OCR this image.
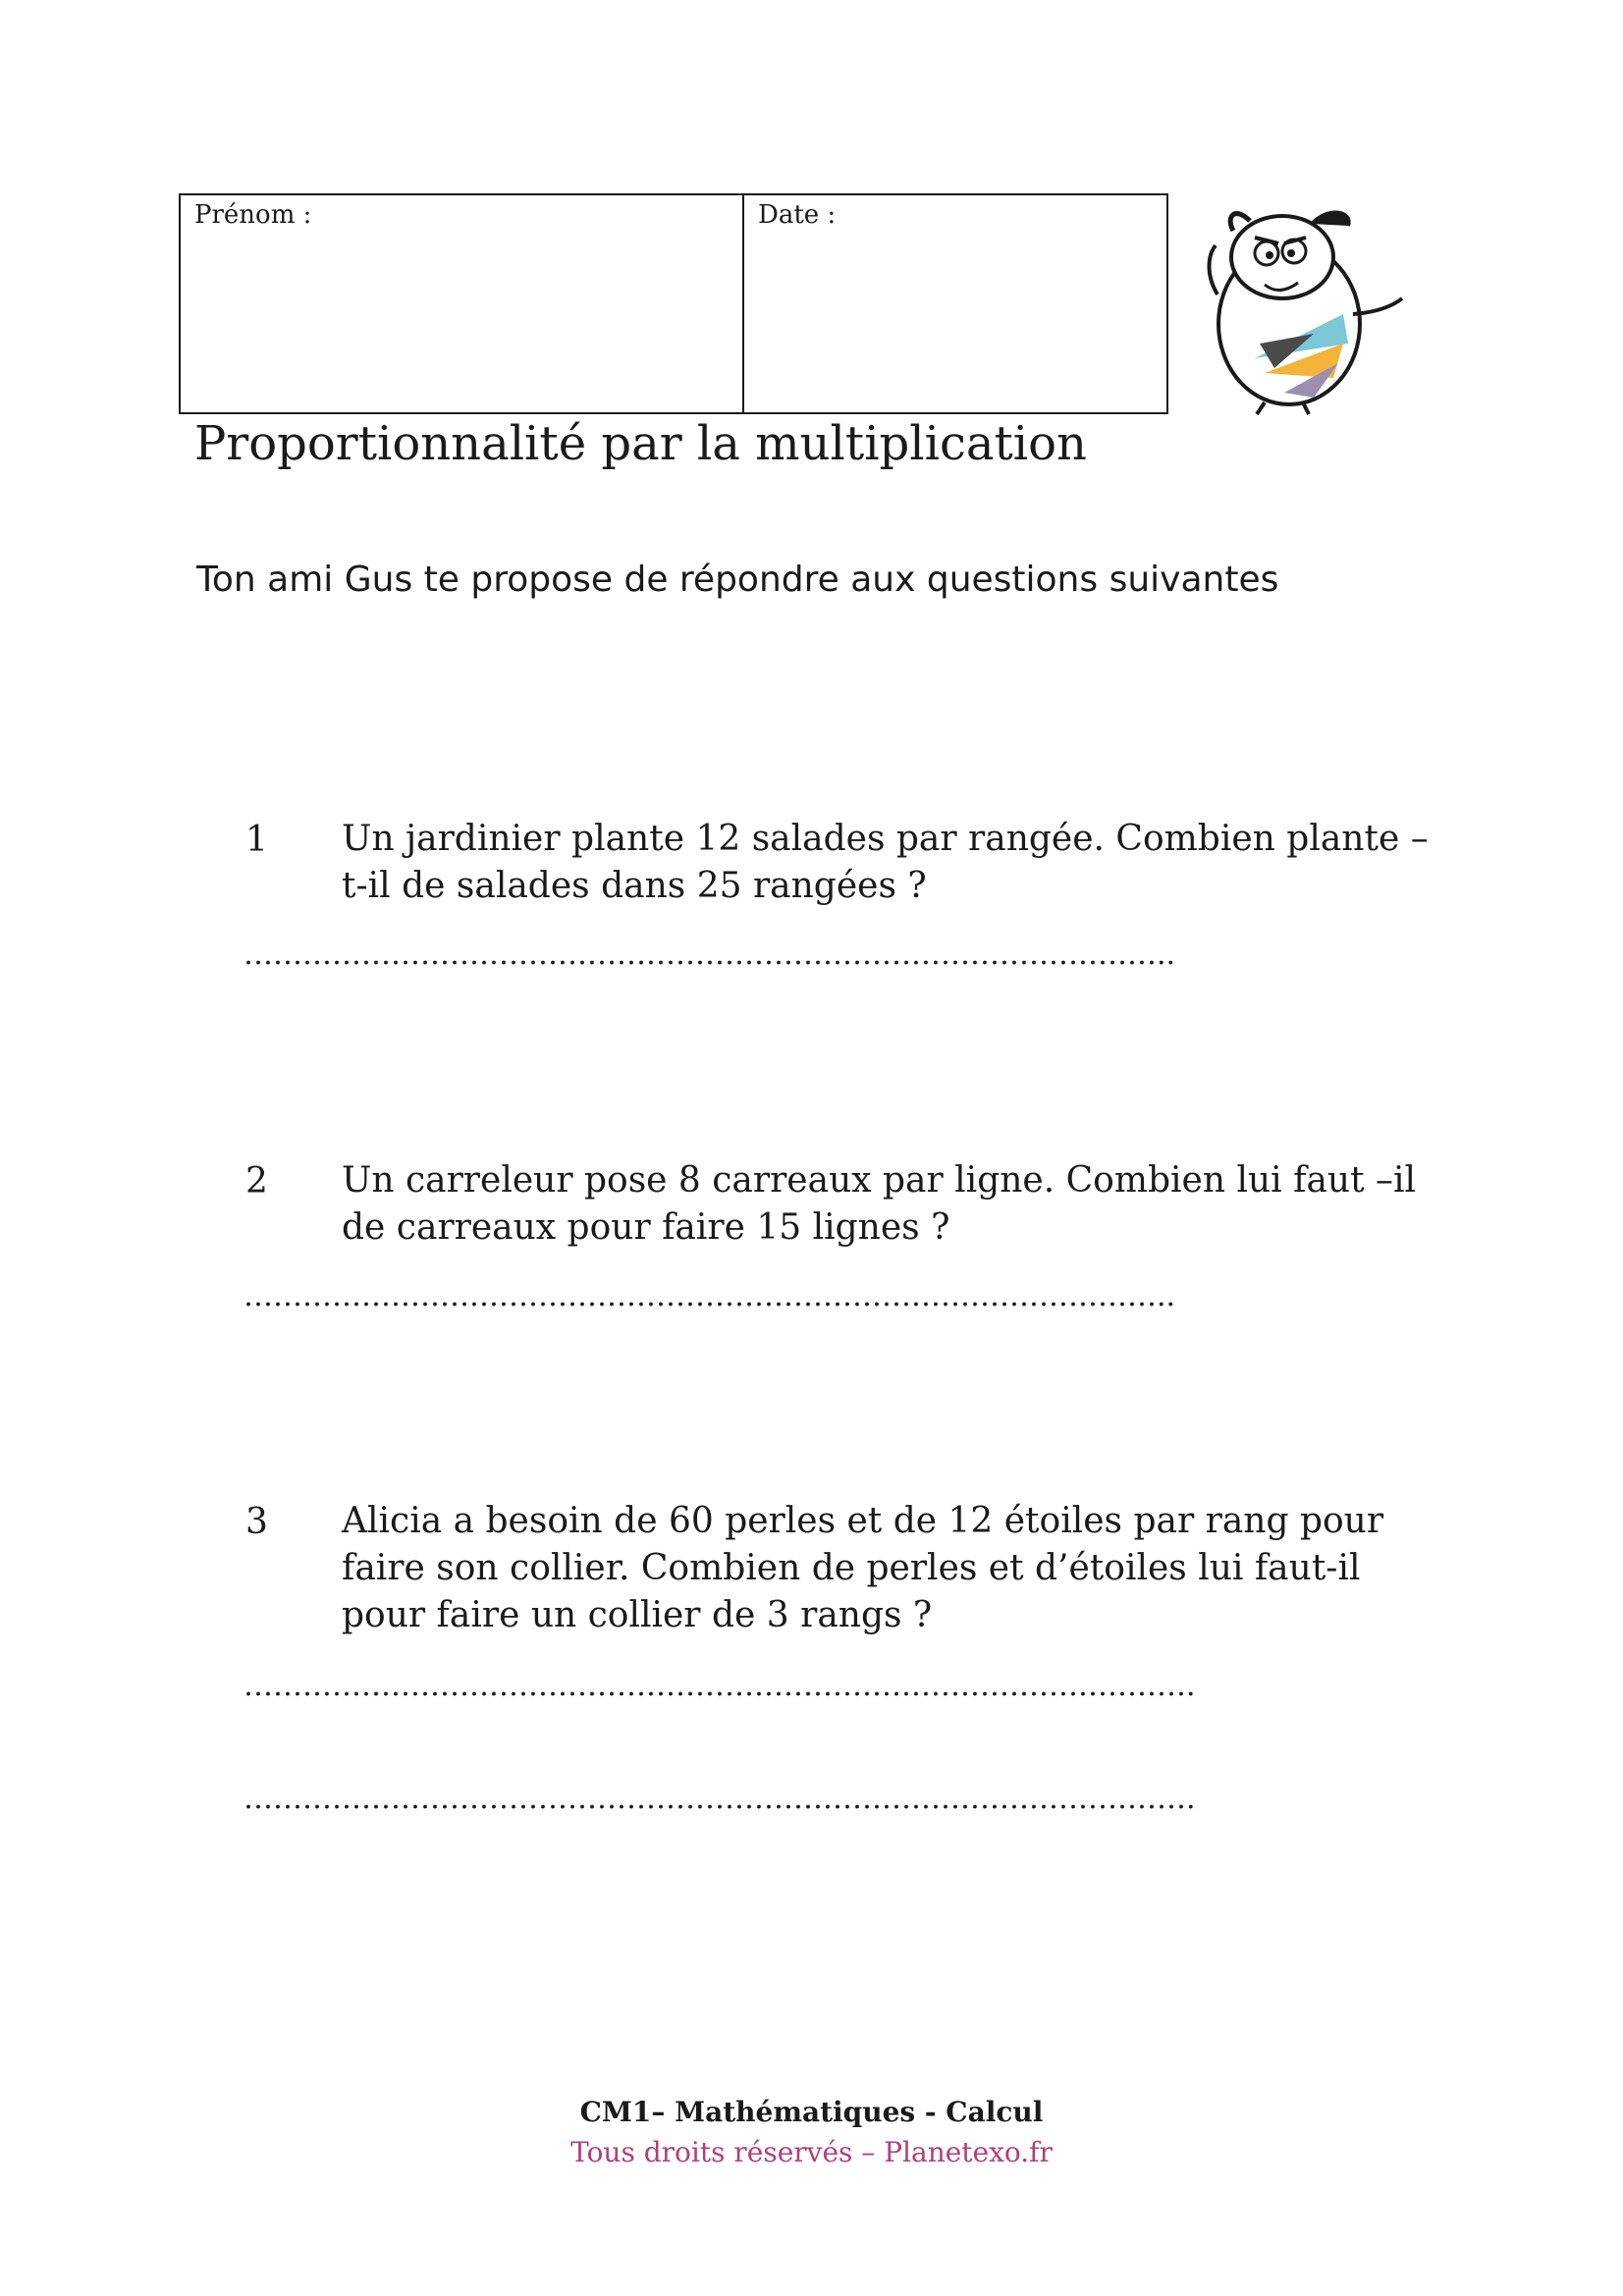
Prénom :	Date :
Proportionnalité par la multiplication

Ton ami Gus te propose de répondre aux questions suivantes

1 Un jardinier plante 12 salades par rangée. Combien plante – t-il de salades dans 25 rangées ?
…………………………………………………………………………………..
2 Un carreleur pose 8 carreaux par ligne. Combien lui faut –il de carreaux pour faire 15 lignes ?
…………………………………………………………………………………..
3 Alicia a besoin de 60 perles et de 12 étoiles par rang pour faire son collier. Combien de perles et d’étoiles lui faut-il pour faire un collier de 3 rangs ?
…………………………………………………………………………………….
…………………………………………………………………………………….
CM1– Mathématiques - Calcul
Tous droits réservés – Planetexo.fr
